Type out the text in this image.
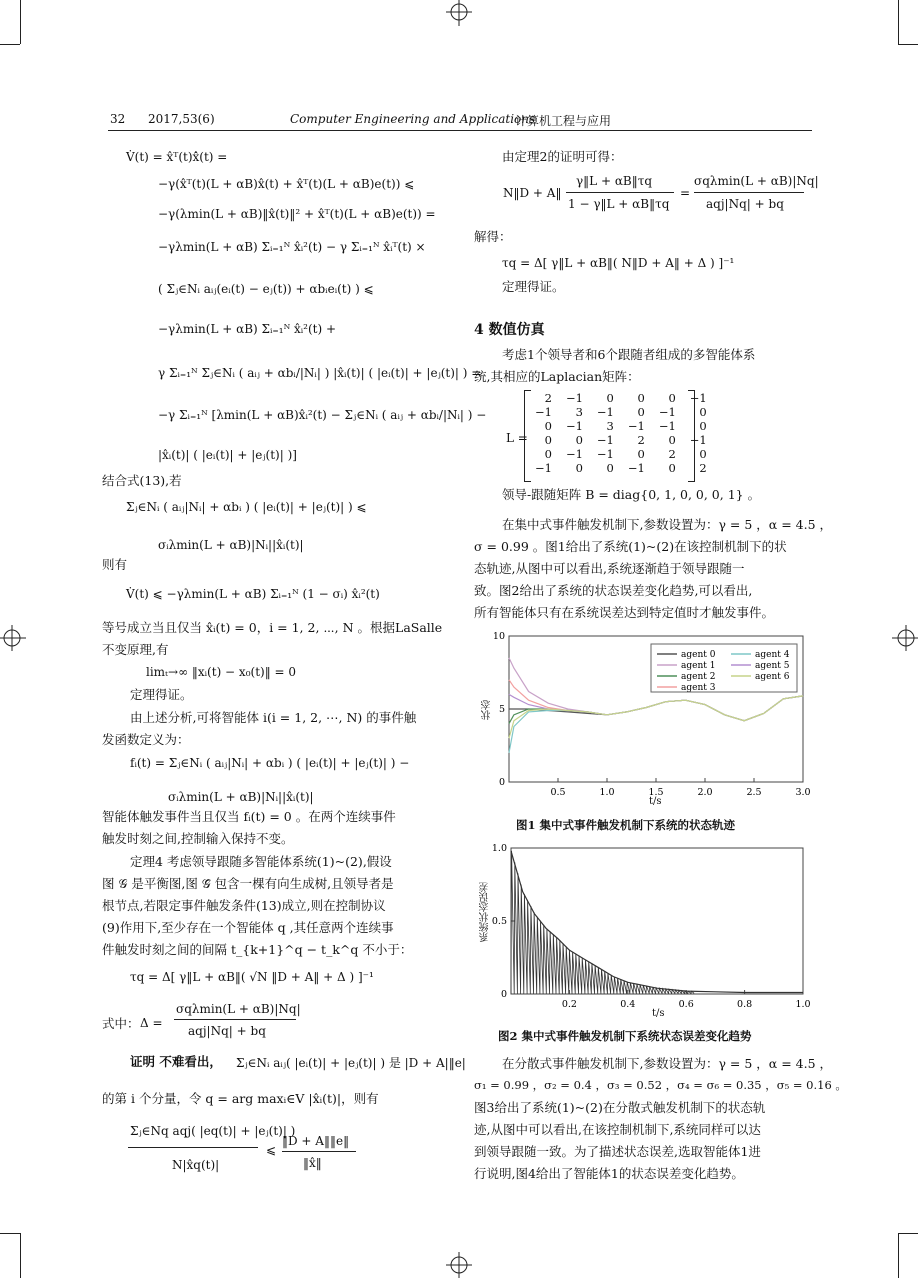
32 2017,53(6)	Computer Engineering and Applications
计算机工程与应用
V̇(t) = x̂ᵀ(t)x̂̇(t) =
−γ(x̂ᵀ(t)(L + αB)x̂(t) + x̂ᵀ(t)(L + αB)e(t)) ⩽
−γ(λmin(L + αB)‖x̂(t)‖² + x̂ᵀ(t)(L + αB)e(t)) =
−γλmin(L + αB) Σᵢ₌₁ᴺ x̂ᵢ²(t) − γ Σᵢ₌₁ᴺ x̂ᵢᵀ(t) ×
( Σⱼ∈Nᵢ aᵢⱼ(eᵢ(t) − eⱼ(t)) + αbᵢeᵢ(t) ) ⩽
−γλmin(L + αB) Σᵢ₌₁ᴺ x̂ᵢ²(t) +
γ Σᵢ₌₁ᴺ Σⱼ∈Nᵢ ( aᵢⱼ + αbᵢ/|Nᵢ| ) |x̂ᵢ(t)| ( |eᵢ(t)| + |eⱼ(t)| ) =
−γ Σᵢ₌₁ᴺ [λmin(L + αB)x̂ᵢ²(t) − Σⱼ∈Nᵢ ( aᵢⱼ + αbᵢ/|Nᵢ| ) −
|x̂ᵢ(t)| ( |eᵢ(t)| + |eⱼ(t)| )]
结合式(13),若
Σⱼ∈Nᵢ ( aᵢⱼ|Nᵢ| + αbᵢ ) ( |eᵢ(t)| + |eⱼ(t)| ) ⩽
σᵢλmin(L + αB)|Nᵢ||x̂ᵢ(t)|
则有
V̇(t) ⩽ −γλmin(L + αB) Σᵢ₌₁ᴺ (1 − σᵢ) x̂ᵢ²(t)
等号成立当且仅当 x̂ᵢ(t) = 0，i = 1, 2, ⋯, N 。根据LaSalle
不变原理,有
limₜ→∞ ‖xᵢ(t) − x₀(t)‖ = 0
定理得证。
由上述分析,可将智能体 i(i = 1, 2, ⋯, N) 的事件触
发函数定义为：
fᵢ(t) = Σⱼ∈Nᵢ ( aᵢⱼ|Nᵢ| + αbᵢ ) ( |eᵢ(t)| + |eⱼ(t)| ) −
σᵢλmin(L + αB)|Nᵢ||x̂ᵢ(t)|
智能体触发事件当且仅当 fᵢ(t) = 0 。在两个连续事件
触发时刻之间,控制输入保持不变。
定理4 考虑领导跟随多智能体系统(1)~(2),假设
图 𝒢 是平衡图,图 𝒢̄ 包含一棵有向生成树,且领导者是
根节点,若限定事件触发条件(13)成立,则在控制协议
(9)作用下,至少存在一个智能体 q ,其任意两个连续事
件触发时刻之间的间隔 t_{k+1}^q − t_k^q 不小于：
τq = Δ[ γ‖L + αB‖( √N ‖D + A‖ + Δ ) ]⁻¹
式中： Δ =
σqλmin(L + αB)|Nq|
aqj|Nq| + bq
证明 不难看出， Σⱼ∈Nᵢ aᵢⱼ( |eᵢ(t)| + |eⱼ(t)| ) 是 |D + A|‖e|
的第 i 个分量，令 q = arg maxᵢ∈V |x̂ᵢ(t)|，则有
Σⱼ∈Nq aqj( |eq(t)| + |eⱼ(t)| )
N|x̂q(t)|
⩽
‖D + A‖‖e‖
‖x̂‖
由定理2的证明可得：
N‖D + A‖
γ‖L + αB‖τq
1 − γ‖L + αB‖τq
=
σqλmin(L + αB)|Nq|
aqj|Nq| + bq
解得：
τq = Δ[ γ‖L + αB‖( N‖D + A‖ + Δ ) ]⁻¹
定理得证。
4 数值仿真
考虑1个领导者和6个跟随者组成的多智能体系
统,其相应的Laplacian矩阵：
L =
2	−1	0	0	0	−1
−1	3	−1	0	−1	0
0	−1	3	−1	−1	0
0	0	−1	2	0	−1
0	−1	−1	0	2	0
−1	0	0	−1	0	2
领导-跟随矩阵 B = diag{0, 1, 0, 0, 0, 1} 。
在集中式事件触发机制下,参数设置为：γ = 5 ，α = 4.5 ，
σ = 0.99 。图1给出了系统(1)~(2)在该控制机制下的状
态轨迹,从图中可以看出,系统逐渐趋于领导跟随一
致。图2给出了系统的状态误差变化趋势,可以看出,
所有智能体只有在系统误差达到特定值时才触发事件。
状态
0.5	1.0	1.5	2.0	2.5	3.0
0
5
10
agent 0
agent 1
agent 2
agent 3
agent 4
agent 5
agent 6
t/s
图1 集中式事件触发机制下系统的状态轨迹
系统状态误差
0.2	0.4	0.6	0.8	1.0
0
0.5
1.0
t/s
图2 集中式事件触发机制下系统状态误差变化趋势
在分散式事件触发机制下,参数设置为：γ = 5 ，α = 4.5 ，
σ₁ = 0.99 ，σ₂ = 0.4 ，σ₃ = 0.52 ，σ₄ = σ₆ = 0.35 ，σ₅ = 0.16 。
图3给出了系统(1)~(2)在分散式触发机制下的状态轨
迹,从图中可以看出,在该控制机制下,系统同样可以达
到领导跟随一致。为了描述状态误差,选取智能体1进
行说明,图4给出了智能体1的状态误差变化趋势。
